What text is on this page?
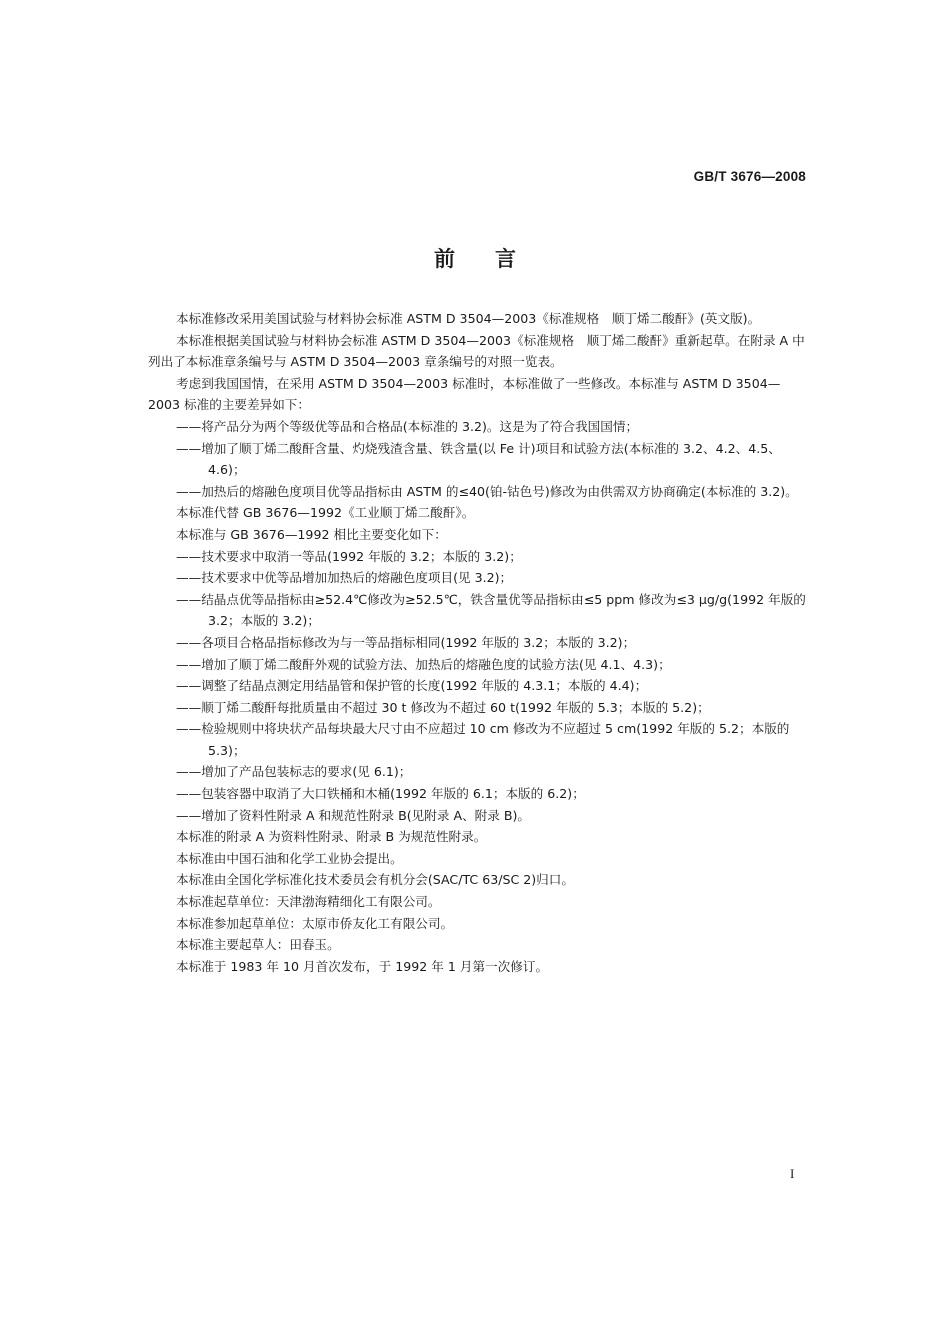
GB/T 3676—2008
前言

本标准修改采用美国试验与材料协会标准 ASTM D 3504—2003《标准规格　顺丁烯二酸酐》(英文版)。

本标准根据美国试验与材料协会标准 ASTM D 3504—2003《标准规格　顺丁烯二酸酐》重新起草。在附录 A 中列出了本标准章条编号与 ASTM D 3504—2003 章条编号的对照一览表。

考虑到我国国情，在采用 ASTM D 3504—2003 标准时，本标准做了一些修改。本标准与 ASTM D 3504—2003 标准的主要差异如下：

——将产品分为两个等级优等品和合格品(本标准的 3.2)。这是为了符合我国国情；

——增加了顺丁烯二酸酐含量、灼烧残渣含量、铁含量(以 Fe 计)项目和试验方法(本标准的 3.2、4.2、4.5、4.6)；

——加热后的熔融色度项目优等品指标由 ASTM 的≤40(铂-钴色号)修改为由供需双方协商确定(本标准的 3.2)。

本标准代替 GB 3676—1992《工业顺丁烯二酸酐》。

本标准与 GB 3676—1992 相比主要变化如下：

——技术要求中取消一等品(1992 年版的 3.2；本版的 3.2)；

——技术要求中优等品增加加热后的熔融色度项目(见 3.2)；

——结晶点优等品指标由≥52.4℃修改为≥52.5℃，铁含量优等品指标由≤5 ppm 修改为≤3 μg/g(1992 年版的 3.2；本版的 3.2)；

——各项目合格品指标修改为与一等品指标相同(1992 年版的 3.2；本版的 3.2)；

——增加了顺丁烯二酸酐外观的试验方法、加热后的熔融色度的试验方法(见 4.1、4.3)；

——调整了结晶点测定用结晶管和保护管的长度(1992 年版的 4.3.1；本版的 4.4)；

——顺丁烯二酸酐每批质量由不超过 30 t 修改为不超过 60 t(1992 年版的 5.3；本版的 5.2)；

——检验规则中将块状产品每块最大尺寸由不应超过 10 cm 修改为不应超过 5 cm(1992 年版的 5.2；本版的 5.3)；

——增加了产品包装标志的要求(见 6.1)；

——包装容器中取消了大口铁桶和木桶(1992 年版的 6.1；本版的 6.2)；

——增加了资料性附录 A 和规范性附录 B(见附录 A、附录 B)。

本标准的附录 A 为资料性附录、附录 B 为规范性附录。

本标准由中国石油和化学工业协会提出。

本标准由全国化学标准化技术委员会有机分会(SAC/TC 63/SC 2)归口。

本标准起草单位：天津渤海精细化工有限公司。

本标准参加起草单位：太原市侨友化工有限公司。

本标准主要起草人：田春玉。

本标准于 1983 年 10 月首次发布，于 1992 年 1 月第一次修订。

I
